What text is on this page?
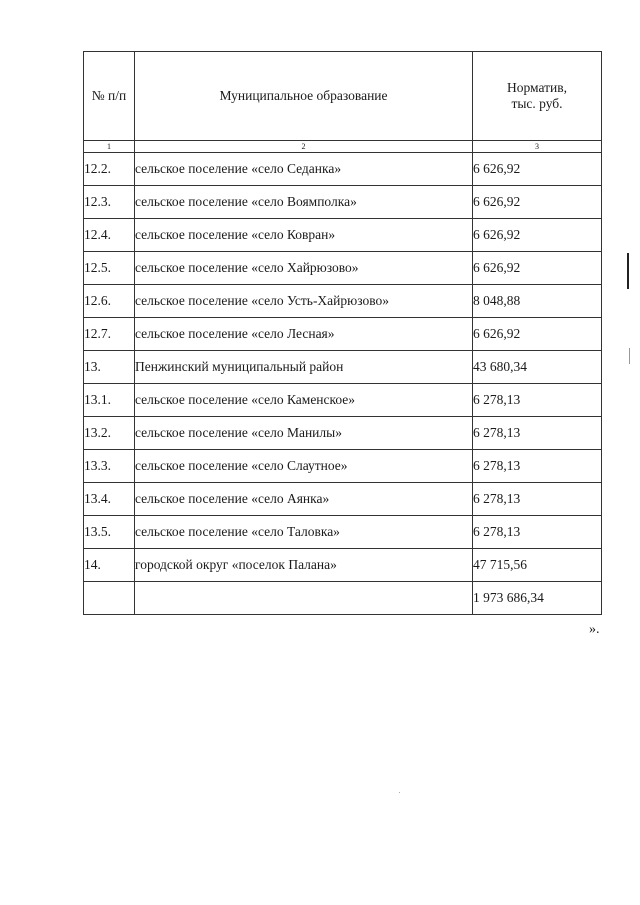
№ п/п	Муниципальное образование	Норматив,
тыс. руб.

1	2	3
12.2.	сельское поселение «село Седанка»	6 626,92
12.3.	сельское поселение «село Воямполка»	6 626,92
12.4.	сельское поселение «село Ковран»	6 626,92
12.5.	сельское поселение «село Хайрюзово»	6 626,92
12.6.	сельское поселение «село Усть-Хайрюзово»	8 048,88
12.7.	сельское поселение «село Лесная»	6 626,92
13.	Пенжинский муниципальный район	43 680,34
13.1.	сельское поселение «село Каменское»	6 278,13
13.2.	сельское поселение «село Манилы»	6 278,13
13.3.	сельское поселение «село Слаутное»	6 278,13
13.4.	сельское поселение «село Аянка»	6 278,13
13.5.	сельское поселение «село Таловка»	6 278,13
14.	городской округ «поселок Палана»	47 715,56
		1 973 686,34
».
